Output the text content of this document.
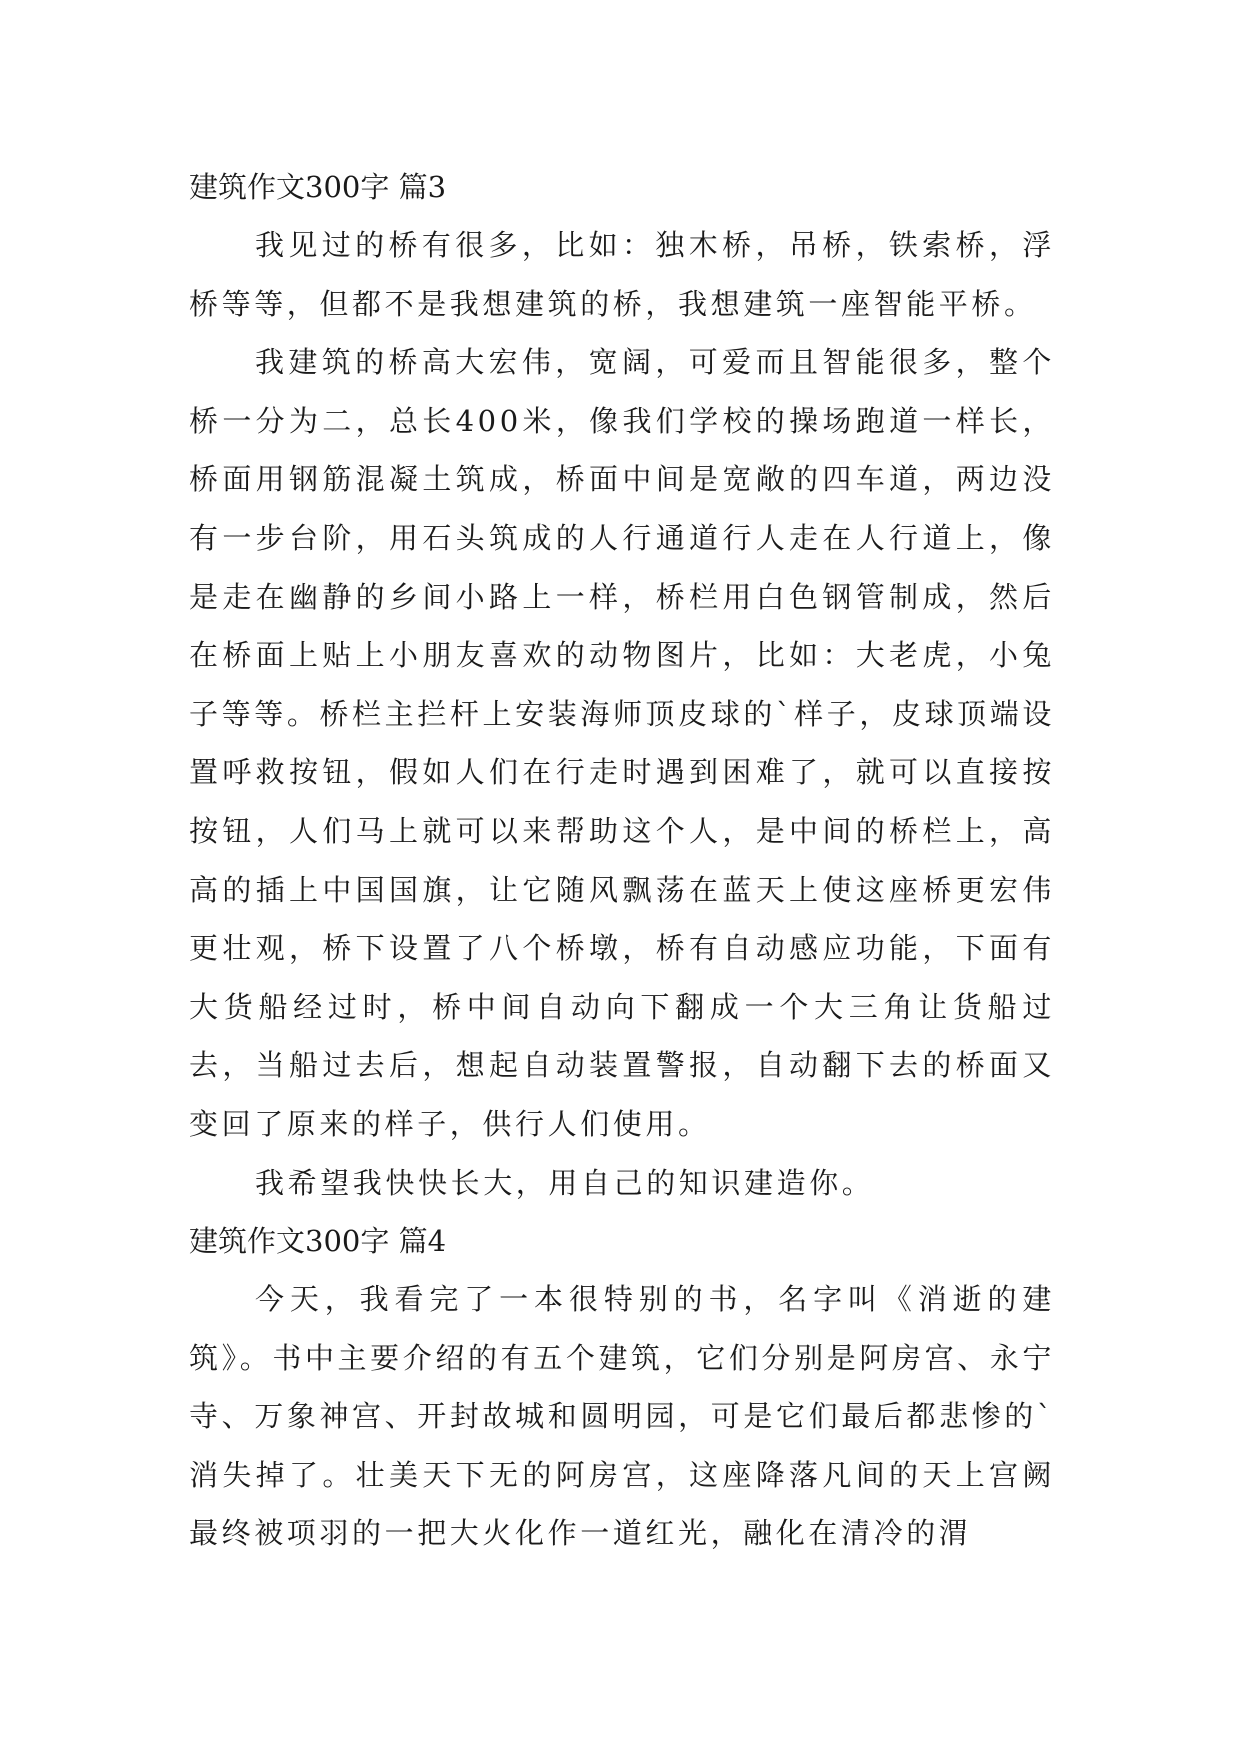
建筑作文300字 篇3

我见过的桥有很多，比如：独木桥，吊桥，铁索桥，浮桥等等，但都不是我想建筑的桥，我想建筑一座智能平桥。

我建筑的桥高大宏伟，宽阔，可爱而且智能很多，整个桥一分为二，总长400米，像我们学校的操场跑道一样长，桥面用钢筋混凝土筑成，桥面中间是宽敞的四车道，两边没有一步台阶，用石头筑成的人行通道行人走在人行道上，像是走在幽静的乡间小路上一样，桥栏用白色钢管制成，然后在桥面上贴上小朋友喜欢的动物图片，比如：大老虎，小兔子等等。桥栏主拦杆上安装海师顶皮球的`样子，皮球顶端设置呼救按钮，假如人们在行走时遇到困难了，就可以直接按按钮，人们马上就可以来帮助这个人，是中间的桥栏上，高高的插上中国国旗，让它随风飘荡在蓝天上使这座桥更宏伟更壮观，桥下设置了八个桥墩，桥有自动感应功能，下面有大货船经过时，桥中间自动向下翻成一个大三角让货船过去，当船过去后，想起自动装置警报，自动翻下去的桥面又变回了原来的样子，供行人们使用。

我希望我快快长大，用自己的知识建造你。

建筑作文300字 篇4

今天，我看完了一本很特别的书，名字叫《消逝的建筑》。书中主要介绍的有五个建筑，它们分别是阿房宫、永宁寺、万象神宫、开封故城和圆明园，可是它们最后都悲惨的`消失掉了。壮美天下无的阿房宫，这座降落凡间的天上宫阙最终被项羽的一把大火化作一道红光，融化在清冷的渭
